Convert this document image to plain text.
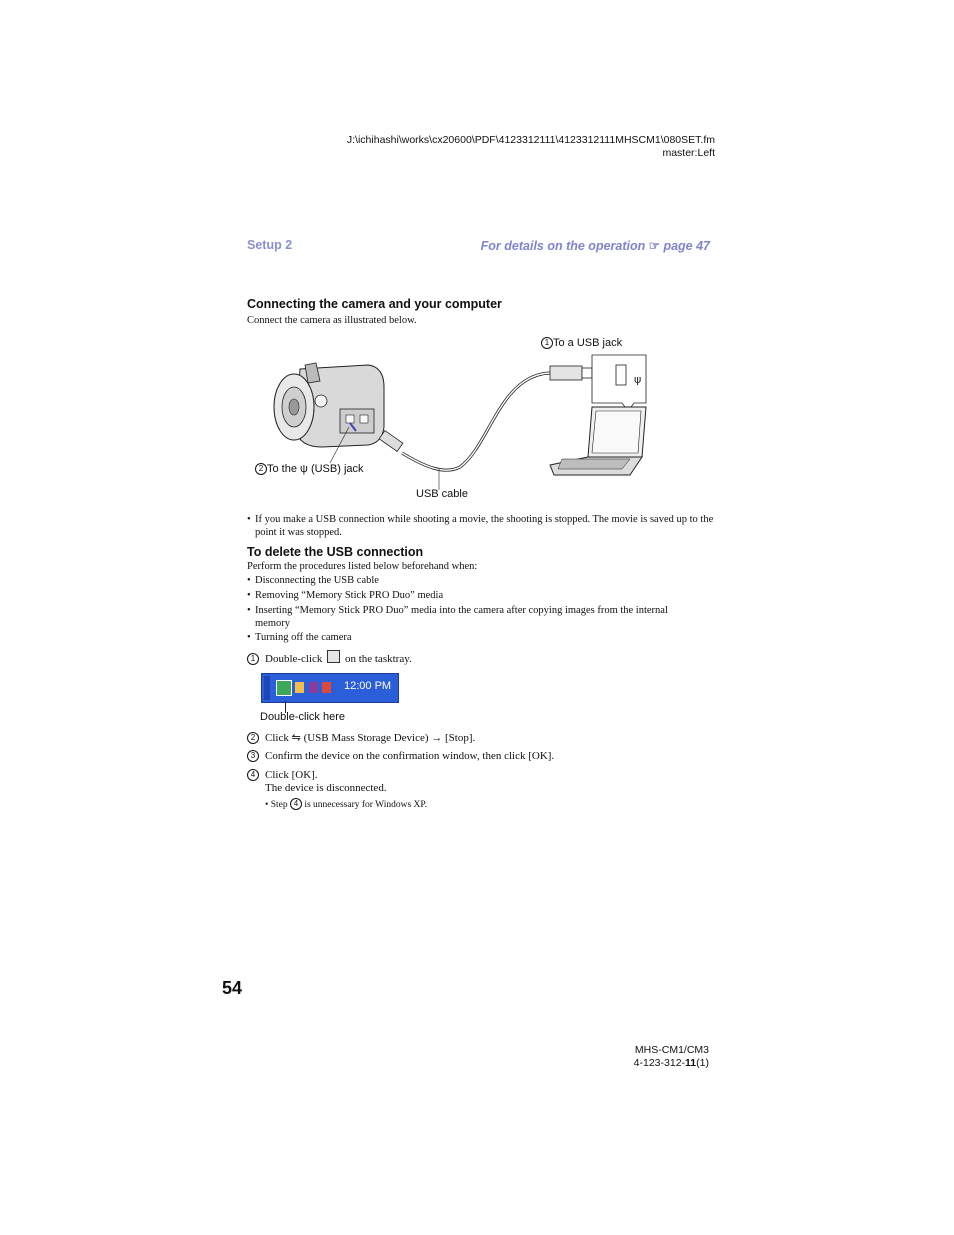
J:\ichihashi\works\cx20600\PDF\4123312111\4123312111MHSCM1\080SET.fm
master:Left
Setup 2	For details on the operation ☞ page 47
Connecting the camera and your computer
Connect the camera as illustrated below.
ψ
1 To a USB jack
2 To the ψ (USB) jack
USB cable
• If you make a USB connection while shooting a movie, the shooting is stopped. The movie is saved up to the point it was stopped.
To delete the USB connection
Perform the procedures listed below beforehand when:
• Disconnecting the USB cable
• Removing “Memory Stick PRO Duo” media
• Inserting “Memory Stick PRO Duo” media into the camera after copying images from the internal memory
• Turning off the camera
1 Double-click on the tasktray.
12:00 PM
Double-click here
2 Click ⇋ (USB Mass Storage Device) → [Stop].
3 Confirm the device on the confirmation window, then click [OK].
4 Click [OK].
The device is disconnected.
• Step 4 is unnecessary for Windows XP.
54
MHS-CM1/CM3
4-123-312-11(1)
